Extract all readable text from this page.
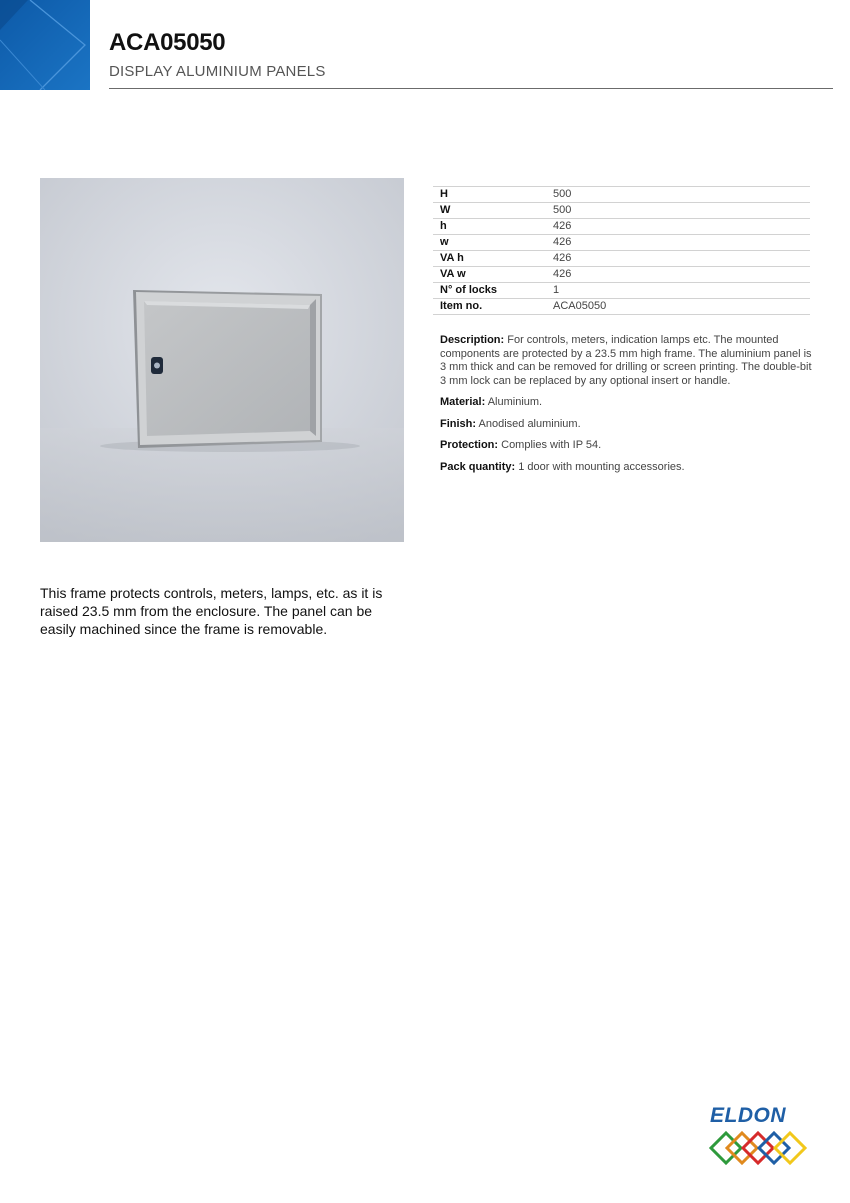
ACA05050
DISPLAY ALUMINIUM PANELS
H	500
W	500
h	426
w	426
VA h	426
VA w	426
N° of locks	1
Item no.	ACA05050

Description: For controls, meters, indication lamps etc. The mounted components are protected by a 23.5 mm high frame. The aluminium panel is 3 mm thick and can be removed for drilling or screen printing. The double-bit 3 mm lock can be replaced by any optional insert or handle.

Material: Aluminium.

Finish: Anodised aluminium.

Protection: Complies with IP 54.

Pack quantity: 1 door with mounting accessories.

This frame protects controls, meters, lamps, etc. as it is raised 23.5 mm from the enclosure. The panel can be easily machined since the frame is removable.

ELDON
